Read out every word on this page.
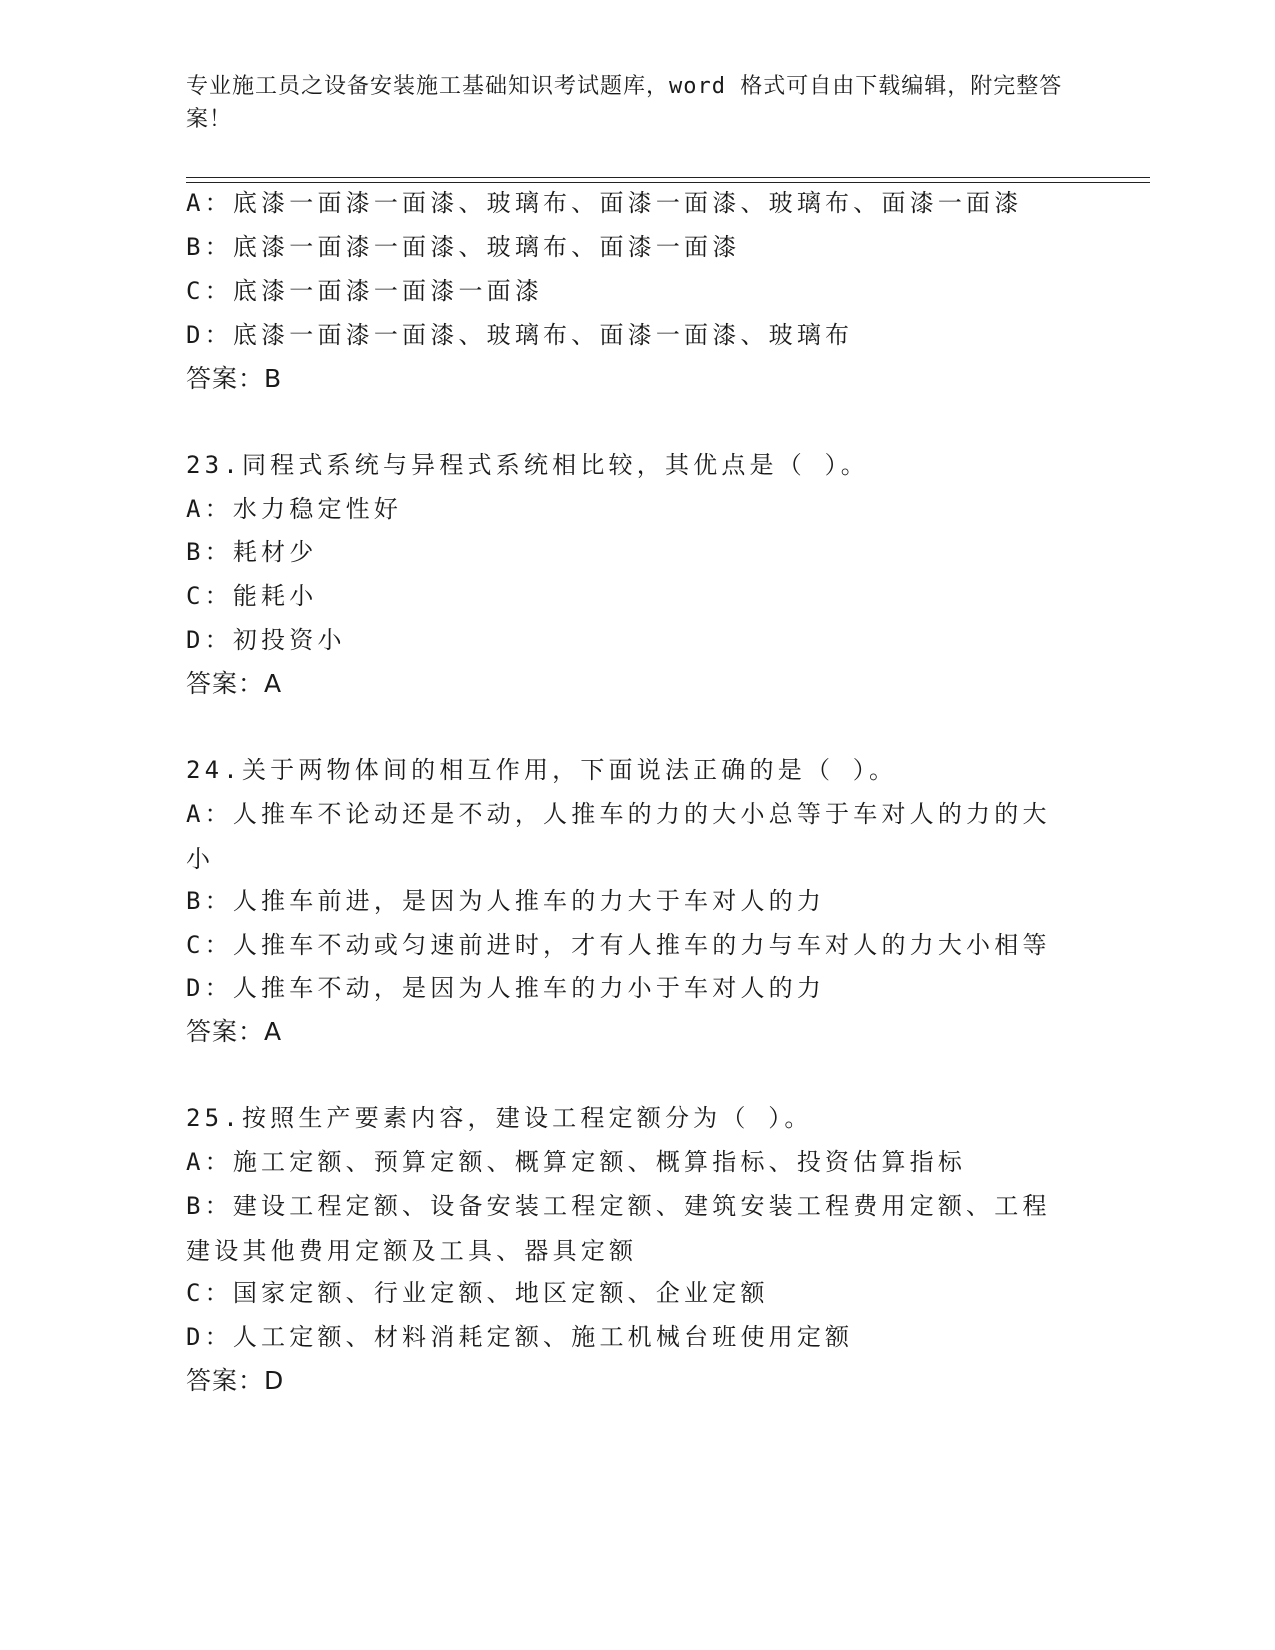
专业施工员之设备安装施工基础知识考试题库，word 格式可自由下载编辑，附完整答案！
A：底漆一面漆一面漆、玻璃布、面漆一面漆、玻璃布、面漆一面漆
B：底漆一面漆一面漆、玻璃布、面漆一面漆
C：底漆一面漆一面漆一面漆
D：底漆一面漆一面漆、玻璃布、面漆一面漆、玻璃布
答案：B
23.同程式系统与异程式系统相比较，其优点是（ ）。
A：水力稳定性好
B：耗材少
C：能耗小
D：初投资小
答案：A
24.关于两物体间的相互作用，下面说法正确的是（ ）。
A：人推车不论动还是不动，人推车的力的大小总等于车对人的力的大小
B：人推车前进，是因为人推车的力大于车对人的力
C：人推车不动或匀速前进时，才有人推车的力与车对人的力大小相等
D：人推车不动，是因为人推车的力小于车对人的力
答案：A
25.按照生产要素内容，建设工程定额分为（ ）。
A：施工定额、预算定额、概算定额、概算指标、投资估算指标
B：建设工程定额、设备安装工程定额、建筑安装工程费用定额、工程建设其他费用定额及工具、器具定额
C：国家定额、行业定额、地区定额、企业定额
D：人工定额、材料消耗定额、施工机械台班使用定额
答案：D
